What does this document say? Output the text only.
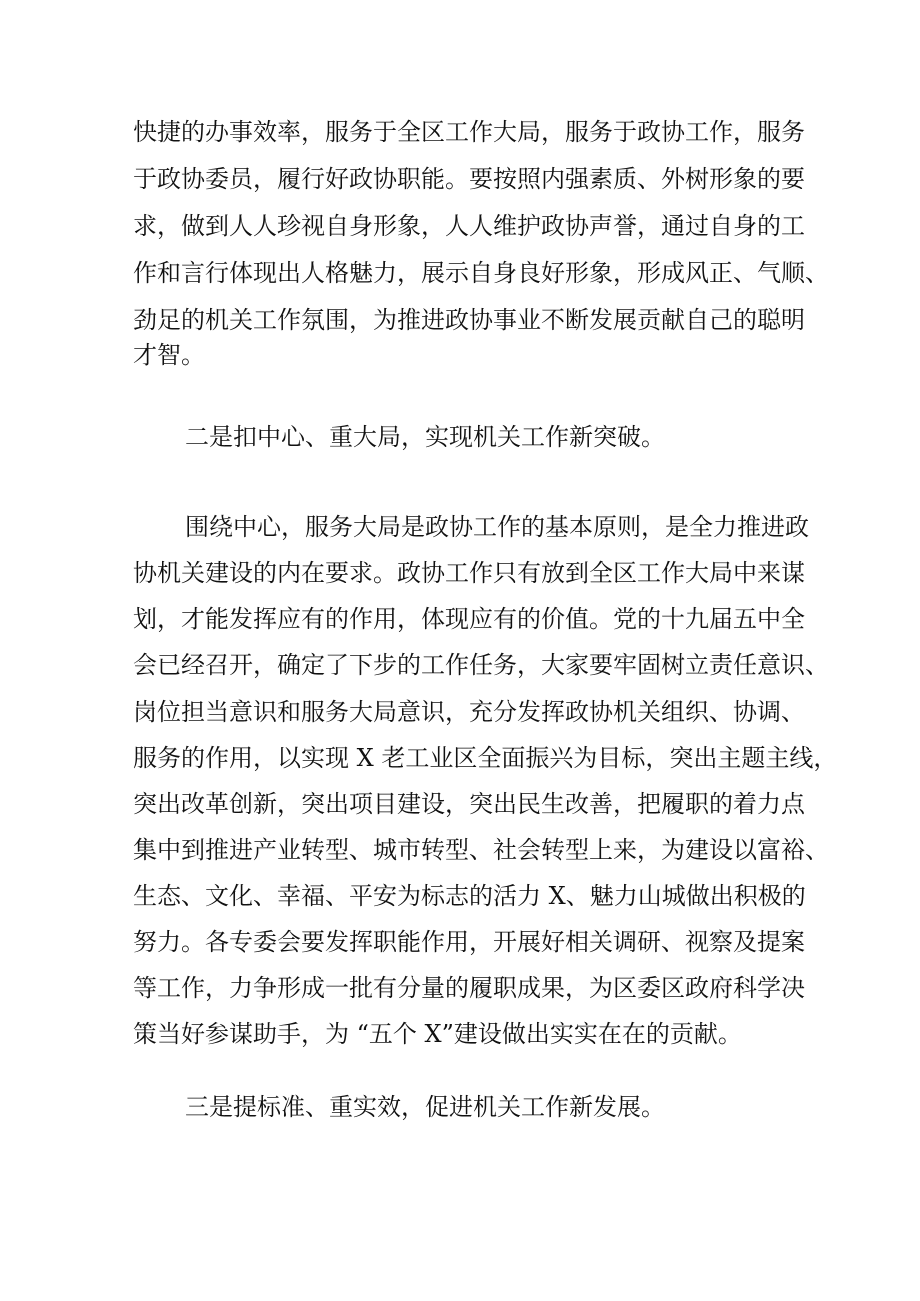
快捷的办事效率，服务于全区工作大局，服务于政协工作，服务
于政协委员，履行好政协职能。要按照内强素质、外树形象的要
求，做到人人珍视自身形象，人人维护政协声誉，通过自身的工
作和言行体现出人格魅力，展示自身良好形象，形成风正、气顺、
劲足的机关工作氛围，为推进政协事业不断发展贡献自己的聪明
才智。
二是扣中心、重大局，实现机关工作新突破。
围绕中心，服务大局是政协工作的基本原则，是全力推进政
协机关建设的内在要求。政协工作只有放到全区工作大局中来谋
划，才能发挥应有的作用，体现应有的价值。党的十九届五中全
会已经召开，确定了下步的工作任务，大家要牢固树立责任意识、
岗位担当意识和服务大局意识，充分发挥政协机关组织、协调、
服务的作用，以实现 X 老工业区全面振兴为目标，突出主题主线，
突出改革创新，突出项目建设，突出民生改善，把履职的着力点
集中到推进产业转型、城市转型、社会转型上来，为建设以富裕、
生态、文化、幸福、平安为标志的活力 X、魅力山城做出积极的
努力。各专委会要发挥职能作用，开展好相关调研、视察及提案
等工作，力争形成一批有分量的履职成果，为区委区政府科学决
策当好参谋助手，为 “五个 X”建设做出实实在在的贡献。
三是提标准、重实效，促进机关工作新发展。
